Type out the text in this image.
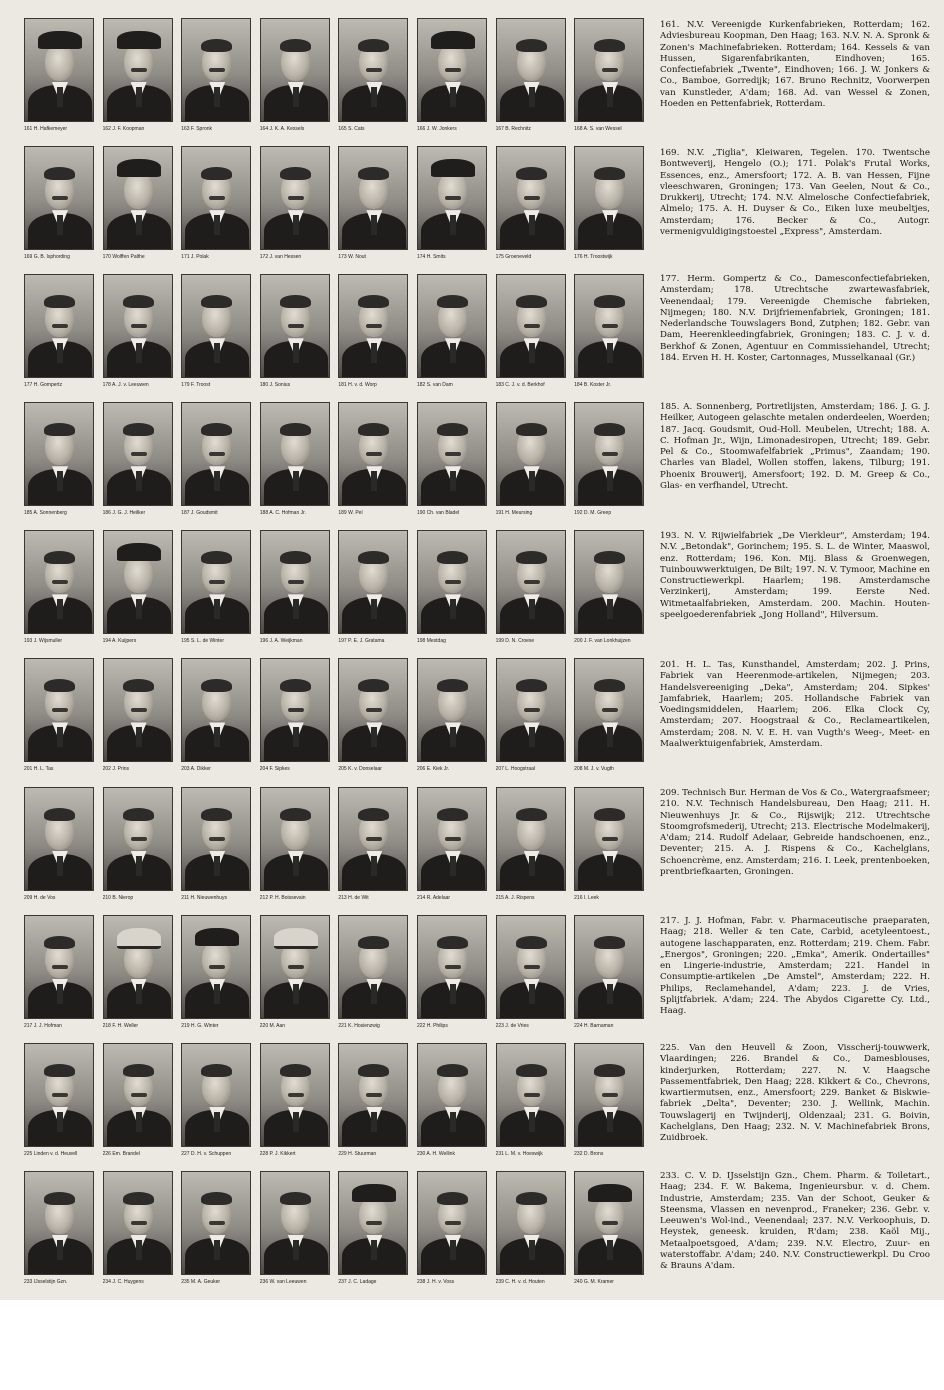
161 H. Hafkemeyer	162 J. F. Koopman	163 F. Spronk	164 J. K. A. Kessels	165 S. Cats	166 J. W. Jonkers	167 B. Rechnitz	168 A. S. van Wessel
169 G. B. Isphording	170 Wolffen Palthe	171 J. Polak	172 J. van Hessen	173 W. Nout	174 H. Smits	175 Groeneveld	176 H. Troostwijk
177 H. Gompertz	178 A. J. v. Leeuwen	179 F. Troost	180 J. Sonius	181 H. v. d. Worp	182 S. van Dam	183 C. J. v. d. Berkhof	184 B. Koster Jr.
185 A. Sonnenberg	186 J. G. J. Heilker	187 J. Goudsmit	188 A. C. Hofman Jr.	189 W. Pel	190 Ch. van Bladel	191 H. Meursing	192 D. M. Greep
193 J. Wijsmuller	194 A. Kuijpers	195 S. L. de Winter	196 J. A. Weijkman	197 P. E. J. Gratama	198 Mestdag	199 D. N. Croese	200 J. F. van Lonkhuijzen
201 H. L. Tas	202 J. Prins	203 A. Dikker	204 F. Sipkes	205 K. v. Donselaar	206 E. Kiek Jr.	207 L. Hoogstraal	208 M. J. v. Vugth
209 H. de Vos	210 B. Nierop	211 H. Nieuwenhuys	212 P. H. Boissevain	213 H. de Wit	214 R. Adelaar	215 A. J. Rispens	216 I. Leek
217 J. J. Hofman	218 F. H. Weller	219 H. G. Winter	220 M. Aan	221 K. Hosienzwig	222 H. Philips	223 J. de Vries	224 H. Barnaman
225 Linden v. d. Heuvell	226 Em. Brandel	227 D. H. v. Schuppen	228 P. J. Kikkert	229 H. Stuurman	230 A. H. Wellink	231 L. M. v. Hoeswijk	232 D. Brons
233 IJsselstijn Gzn.	234 J. C. Huygens	235 M. A. Geuker	236 W. van Leeuwen	237 J. C. Ladage	238 J. H. v. Voss	239 C. H. v. d. Houten	240 G. M. Kramer

161. N.V. Vereenigde Kurkenfabrieken, Rotterdam; 162. Adviesbureau Koopman, Den Haag; 163. N.V. N. A. Spronk & Zonen's Machinefabrieken. Rotterdam; 164. Kessels & van Hussen, Sigarenfabrikanten, Eindhoven; 165. Confectiefabriek „Twente", Eindhoven; 166. J. W. Jonkers & Co., Bamboe, Gorredijk; 167. Bruno Rechnitz, Voorwerpen van Kunstleder, A'dam; 168. Ad. van Wessel & Zonen, Hoeden en Pettenfabriek, Rotterdam.

169. N.V. „Tiglia", Kleiwaren, Tegelen. 170. Twentsche Bontweverij, Hengelo (O.); 171. Polak's Frutal Works, Essences, enz., Amersfoort; 172. A. B. van Hessen, Fijne vleeschwaren, Groningen; 173. Van Geelen, Nout & Co., Drukkerij, Utrecht; 174. N.V. Almelosche Confectiefabriek, Almelo; 175. A. H. Duyser & Co., Eiken luxe meubeltjes, Amsterdam; 176. Becker & Co., Autogr. vermenigvuldigingstoestel „Express", Amsterdam.

177. Herm. Gompertz & Co., Damesconfectiefabrieken, Amsterdam; 178. Utrechtsche zwartewasfabriek, Veenendaal; 179. Vereenigde Chemische fabrieken, Nijmegen; 180. N.V. Drijfriemenfabriek, Groningen; 181. Nederlandsche Touwslagers Bond, Zutphen; 182. Gebr. van Dam, Heerenkleedingfabriek, Groningen; 183. C. J. v. d. Berkhof & Zonen, Agentuur en Commissiehandel, Utrecht; 184. Erven H. H. Koster, Cartonnages, Musselkanaal (Gr.)

185. A. Sonnenberg, Portretlijsten, Amsterdam; 186. J. G. J. Heilker, Autogeen gelaschte metalen onderdeelen, Woerden; 187. Jacq. Goudsmit, Oud-Holl. Meubelen, Utrecht; 188. A. C. Hofman Jr., Wijn, Limonadesiropen, Utrecht; 189. Gebr. Pel & Co., Stoomwafelfabriek „Primus", Zaandam; 190. Charles van Bladel, Wollen stoffen, lakens, Tilburg; 191. Phoenix Brouwerij, Amersfoort; 192. D. M. Greep & Co., Glas- en verfhandel, Utrecht.

193. N. V. Rijwielfabriek „De Vierkleur", Amsterdam; 194. N.V. „Betondak", Gorinchem; 195. S. L. de Winter, Maaswol, enz. Rotterdam; 196. Kon. Mij. Blass & Groenwegen, Tuinbouwwerktuigen, De Bilt; 197. N. V. Tymoor, Machine en Constructiewerkpl. Haarlem; 198. Amsterdamsche Verzinkerij, Amsterdam; 199. Eerste Ned. Witmetaalfabrieken, Amsterdam. 200. Machin. Houten-speelgoederenfabriek „Jong Holland", Hilversum.

201. H. L. Tas, Kunsthandel, Amsterdam; 202. J. Prins, Fabriek van Heerenmode-artikelen, Nijmegen; 203. Handelsvereeniging „Deka", Amsterdam; 204. Sipkes' Jamfabriek, Haarlem; 205. Hollandsche Fabriek van Voedingsmiddelen, Haarlem; 206. Elka Clock Cy, Amsterdam; 207. Hoogstraal & Co., Reclameartikelen, Amsterdam; 208. N. V. E. H. van Vugth's Weeg-, Meet- en Maalwerktuigenfabriek, Amsterdam.

209. Technisch Bur. Herman de Vos & Co., Watergraafsmeer; 210. N.V. Technisch Handelsbureau, Den Haag; 211. H. Nieuwenhuys Jr. & Co., Rijswijk; 212. Utrechtsche Stoomgrofsmederij, Utrecht; 213. Electrische Modelmakerij, A'dam; 214. Rudolf Adelaar, Gebreide handschoenen, enz., Deventer; 215. A. J. Rispens & Co., Kachelglans, Schoencrème, enz. Amsterdam; 216. I. Leek, prentenboeken, prentbriefkaarten, Groningen.

217. J. J. Hofman, Fabr. v. Pharmaceutische praeparaten, Haag; 218. Weller & ten Cate, Carbid, acetyleentoest., autogene laschapparaten, enz. Rotterdam; 219. Chem. Fabr. „Energos", Groningen; 220. „Emka", Amerik. Ondertailles" en Lingerie-industrie, Amsterdam; 221. Handel in Consumptie-artikelen „De Amstel", Amsterdam; 222. H. Philips, Reclamehandel, A'dam; 223. J. de Vries, Splijtfabriek. A'dam; 224. The Abydos Cigarette Cy. Ltd., Haag.

225. Van den Heuvell & Zoon, Visscherij-touwwerk, Vlaardingen; 226. Brandel & Co., Damesblouses, kinderjurken, Rotterdam; 227. N. V. Haagsche Passementfabriek, Den Haag; 228. Kikkert & Co., Chevrons, kwartiermutsen, enz., Amersfoort; 229. Banket & Biskwie-fabriek „Delta", Deventer; 230. J. Wellink, Machin. Touwslagerij en Twijnderij, Oldenzaal; 231. G. Boivin, Kachelglans, Den Haag; 232. N. V. Machinefabriek Brons, Zuidbroek.

233. C. V. D. IJsselstijn Gzn., Chem. Pharm. & Toiletart., Haag; 234. F. W. Bakema, Ingenieursbur. v. d. Chem. Industrie, Amsterdam; 235. Van der Schoot, Geuker & Steensma, Vlassen en nevenprod., Franeker; 236. Gebr. v. Leeuwen's Wol-ind., Veenendaal; 237. N.V. Verkoophuis, D. Heystek, geneesk. kruiden, R'dam; 238. Kaöl Mij., Metaalpoetsgoed, A'dam; 239. N.V. Electro, Zuur- en waterstoffabr. A'dam; 240. N.V. Constructiewerkpl. Du Croo & Brauns A'dam.
